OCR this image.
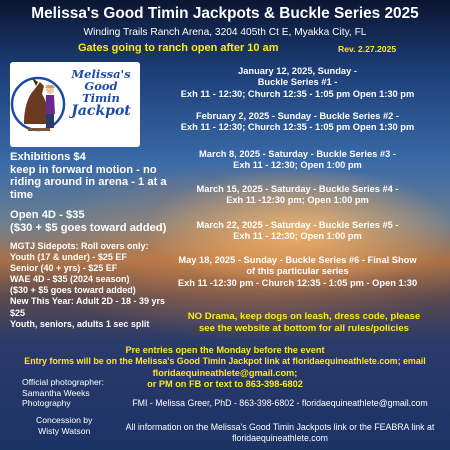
Melissa's Good Timin Jackpots & Buckle Series 2025
Winding Trails Ranch Arena, 3204 405th Ct E, Myakka City, FL
Gates going to ranch open after 10 am	Rev. 2.27.2025
Melissa's
Good Timin
Jackpot
January 12, 2025, Sunday -
Buckle Series #1 -
Exh 11 - 12:30; Church 12:35 - 1:05 pm Open 1:30 pm
February 2, 2025 - Sunday - Buckle Series #2 -
Exh 11 - 12:30; Church 12:35 - 1:05 pm Open 1:30 pm
March 8, 2025 - Saturday - Buckle Series #3 -
Exh 11 - 12:30; Open 1:00 pm
March 15, 2025 - Saturday - Buckle Series #4 -
Exh 11 -12:30 pm; Open 1:00 pm
March 22, 2025 - Saturday - Buckle Series #5 -
Exh 11 - 12:30; Open 1:00 pm
May 18, 2025 - Sunday - Buckle Series #6 - Final Show
of this particular series
Exh 11 -12:30 pm - Church 12:35 - 1:05 pm - Open 1:30
Exhibitions $4
keep in forward motion - no
riding around in arena - 1 at a
time
Open 4D - $35
($30 + $5 goes toward added)
MGTJ Sidepots: Roll overs only:
Youth (17 & under) - $25 EF
Senior (40 + yrs) - $25 EF
WAE 4D - $35 (2024 season)
($30 + $5 goes toward added)
New This Year: Adult 2D - 18 - 39 yrs
$25
Youth, seniors, adults 1 sec split
NO Drama, keep dogs on leash, dress code, please
see the website at bottom for all rules/policies
Pre entries open the Monday before the event
Entry forms will be on the Melissa's Good Timin Jackpot link at floridaequineathlete.com; email
floridaequineathlete@gmail.com;
or PM on FB or text to 863-398-6802
Official photographer:
Samantha Weeks
Photography
Concession by
Wisty Watson
FMI - Melissa Greer, PhD - 863-398-6802 - floridaequineathlete@gmail.com
All information on the Melissa's Good Timin Jackpots link or the FEABRA link at
floridaequineathlete.com
